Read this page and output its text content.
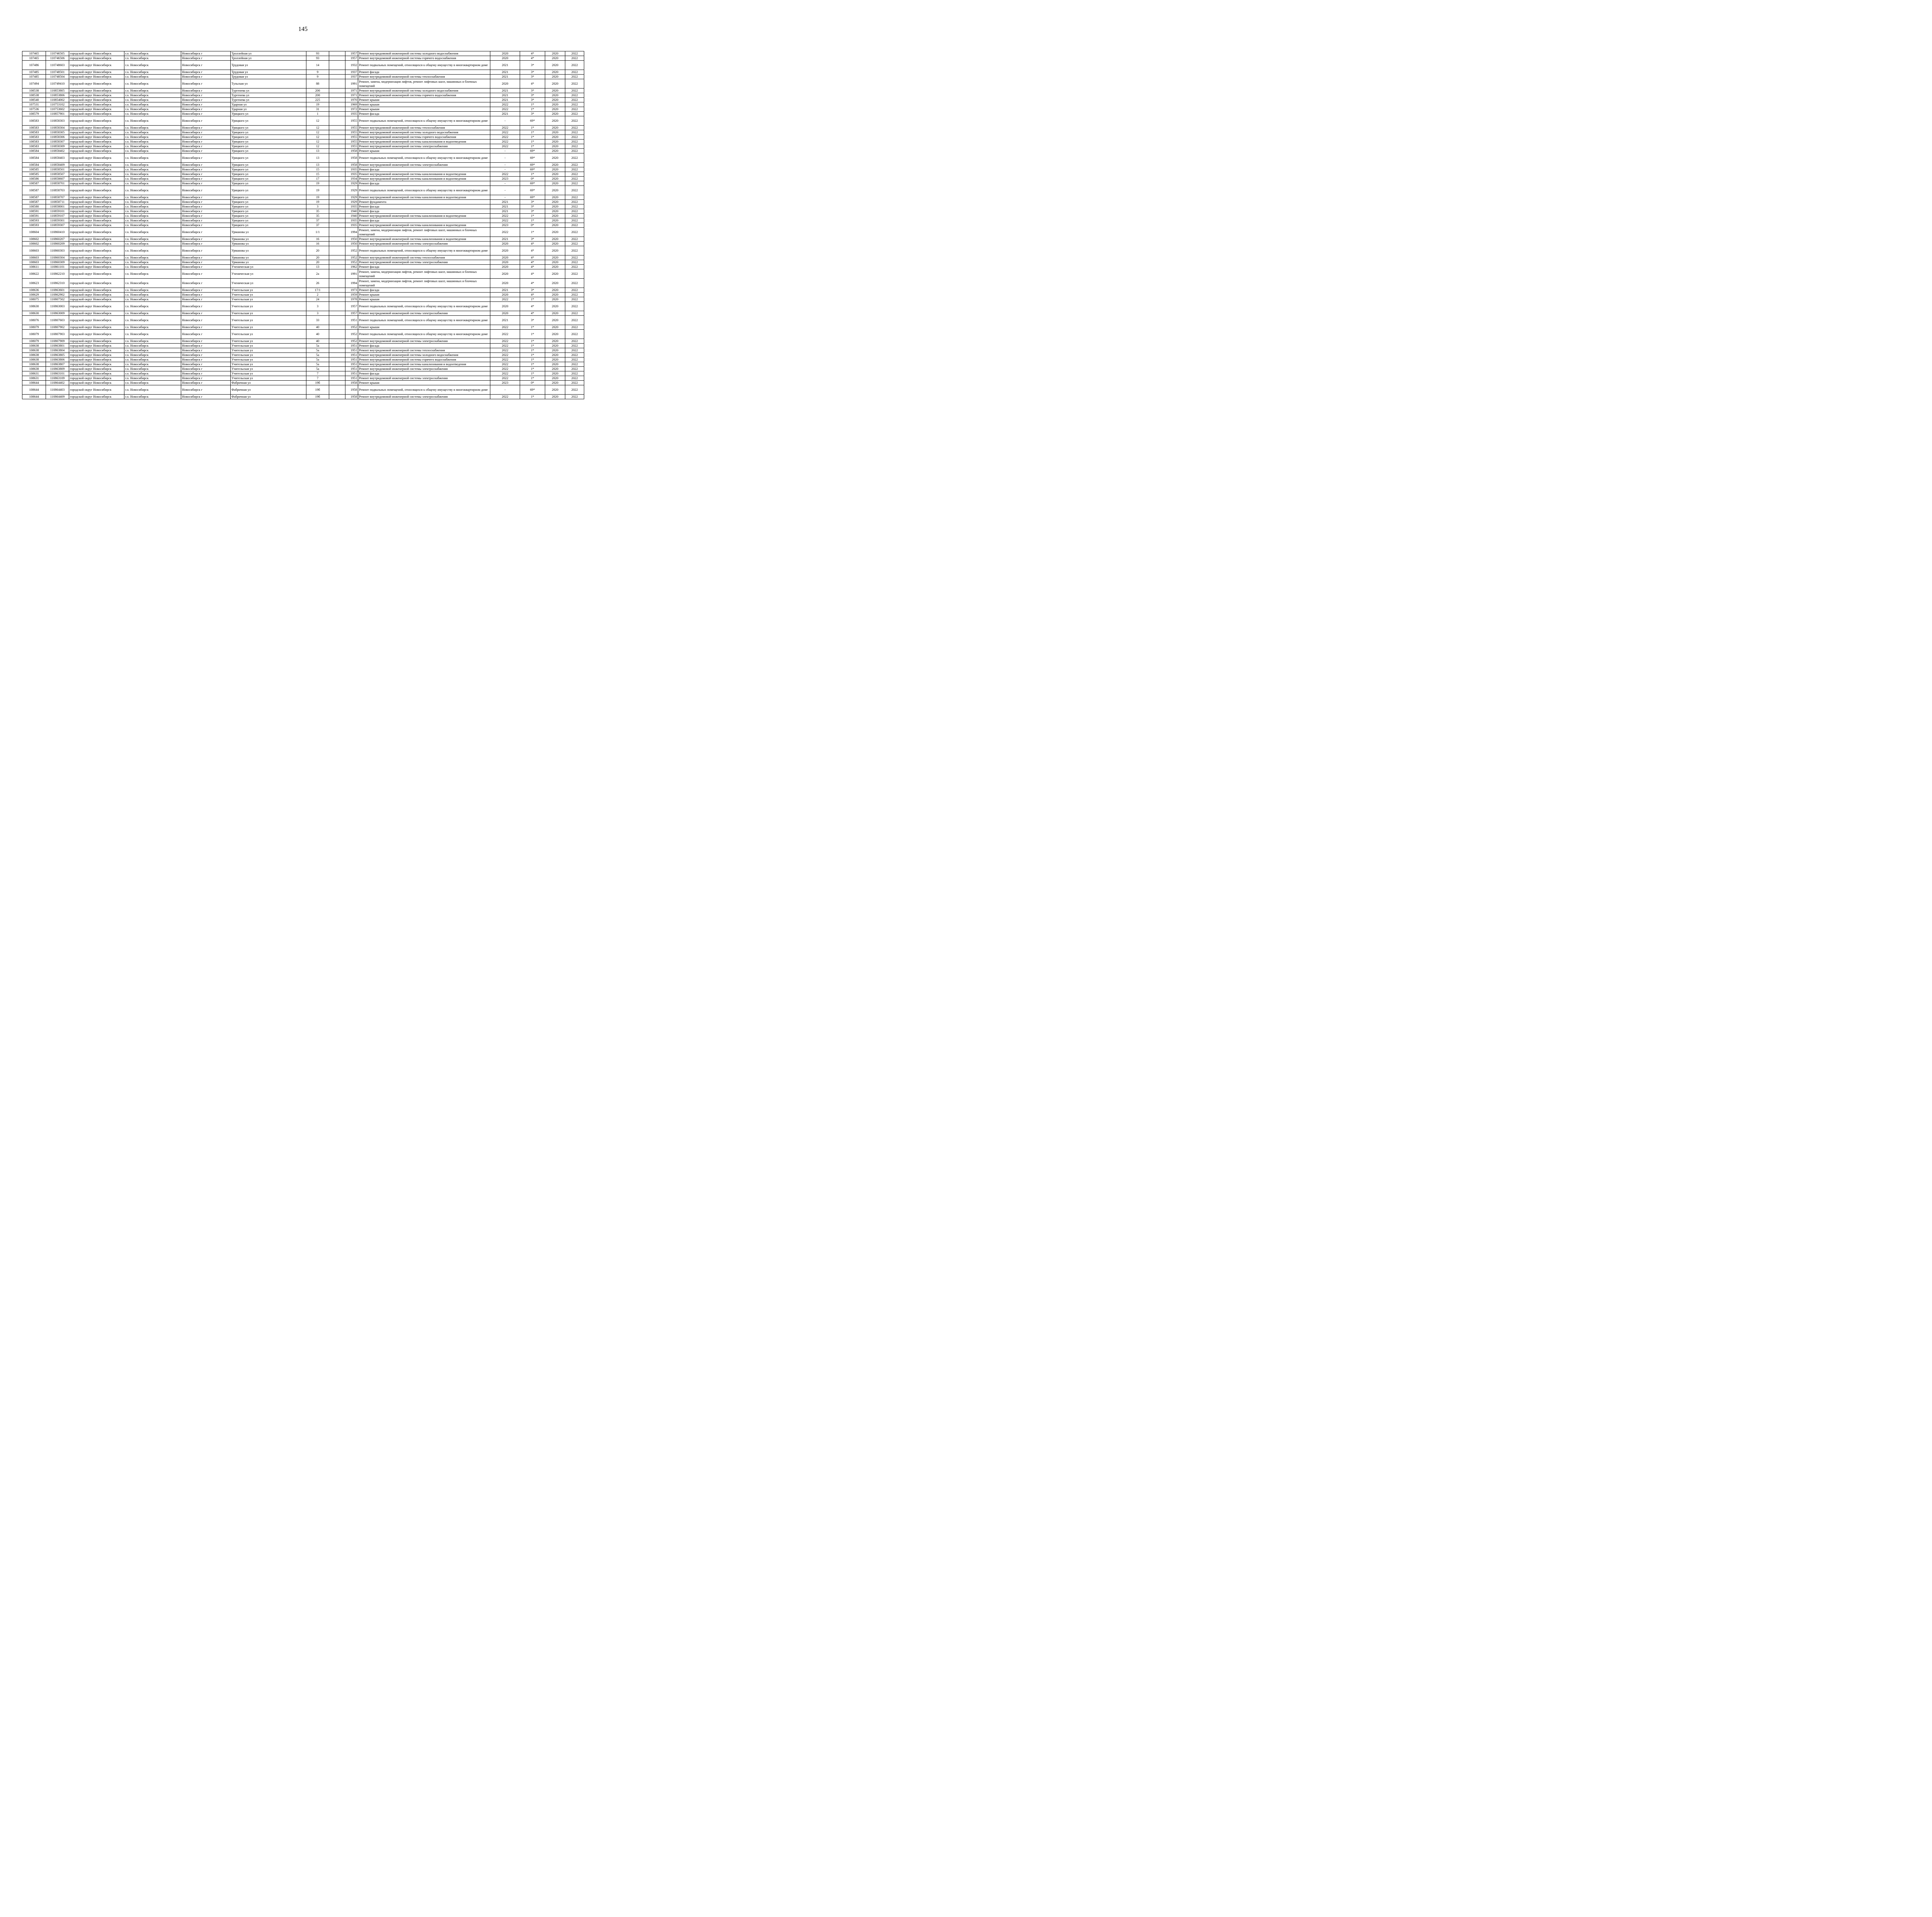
145
107465	110746505	городской округ Новосибирск	г.о. Новосибирск	Новосибирск г	Троллейная ул	93		1957	Ремонт внутридомовой инженерной системы холодного водоснабжения	2020	4*	2020	2022
107465	110746506	городской округ Новосибирск	г.о. Новосибирск	Новосибирск г	Троллейная ул	93		1957	Ремонт внутридомовой инженерной системы горячего водоснабжения	2020	4*	2020	2022
107486	110748603	городской округ Новосибирск	г.о. Новосибирск	Новосибирск г	Трудовая ул	14		1932	Ремонт подвальных помещений, относящихся к общему имуществу в многоквартирном доме	2021	3*	2020	2022
107485	110748501	городской округ Новосибирск	г.о. Новосибирск	Новосибирск г	Трудовая ул	9		1937	Ремонт фасада	2021	3*	2020	2022
107485	110748504	городской округ Новосибирск	г.о. Новосибирск	Новосибирск г	Трудовая ул	9		1937	Ремонт внутридомовой инженерной системы теплоснабжения	2021	3*	2020	2022
107494	110749410	городской округ Новосибирск	г.о. Новосибирск	Новосибирск г	Тульская ул	88		1991	Ремонт, замена, модернизация лифтов, ремонт лифтовых шахт, машинных и блочных помещений	2020	4*	2020	2022
108538	110853805	городской округ Новосибирск	г.о. Новосибирск	Новосибирск г	Тургенева ул	200		1971	Ремонт внутридомовой инженерной системы холодного водоснабжения	2021	3*	2020	2022
108538	110853806	городской округ Новосибирск	г.о. Новосибирск	Новосибирск г	Тургенева ул	200		1971	Ремонт внутридомовой инженерной системы горячего водоснабжения	2021	3*	2020	2022
108540	110854002	городской округ Новосибирск	г.о. Новосибирск	Новосибирск г	Тургенева ул	225		1970	Ремонт крыши	2021	3*	2020	2022
107531	110753102	городской округ Новосибирск	г.о. Новосибирск	Новосибирск г	Ударная ул	19		1969	Ремонт крыши	2022	1*	2020	2022
107536	110753602	городской округ Новосибирск	г.о. Новосибирск	Новосибирск г	Ударная ул	31		1972	Ремонт крыши	2022	1*	2020	2022
108579	110857901	городской округ Новосибирск	г.о. Новосибирск	Новосибирск г	Урицкого ул	1		1935	Ремонт фасада	2021	3*	2020	2022
108583	110858303	городской округ Новосибирск	г.о. Новосибирск	Новосибирск г	Урицкого ул	12		1955	Ремонт подвальных помещений, относящихся к общему имуществу в многоквартирном доме	-	69*	2020	2022
108583	110858304	городской округ Новосибирск	г.о. Новосибирск	Новосибирск г	Урицкого ул	12		1955	Ремонт внутридомовой инженерной системы теплоснабжения	2022	1*	2020	2022
108583	110858305	городской округ Новосибирск	г.о. Новосибирск	Новосибирск г	Урицкого ул	12		1955	Ремонт внутридомовой инженерной системы холодного водоснабжения	2022	1*	2020	2022
108583	110858306	городской округ Новосибирск	г.о. Новосибирск	Новосибирск г	Урицкого ул	12		1955	Ремонт внутридомовой инженерной системы горячего водоснабжения	2022	1*	2020	2022
108583	110858307	городской округ Новосибирск	г.о. Новосибирск	Новосибирск г	Урицкого ул	12		1955	Ремонт внутридомовой инженерной системы канализования и водоотведения	2022	1*	2020	2022
108583	110858309	городской округ Новосибирск	г.о. Новосибирск	Новосибирск г	Урицкого ул	12		1955	Ремонт внутридомовой инженерной системы электроснабжения	2022	1*	2020	2022
108584	110858402	городской округ Новосибирск	г.о. Новосибирск	Новосибирск г	Урицкого ул	13		1958	Ремонт крыши	-	69*	2020	2022
108584	110858403	городской округ Новосибирск	г.о. Новосибирск	Новосибирск г	Урицкого ул	13		1958	Ремонт подвальных помещений, относящихся к общему имуществу в многоквартирном доме	-	69*	2020	2022
108584	110858409	городской округ Новосибирск	г.о. Новосибирск	Новосибирск г	Урицкого ул	13		1958	Ремонт внутридомовой инженерной системы электроснабжения	-	69*	2020	2022
108585	110858501	городской округ Новосибирск	г.о. Новосибирск	Новосибирск г	Урицкого ул	15		1935	Ремонт фасада	-	69*	2020	2022
108585	110858507	городской округ Новосибирск	г.о. Новосибирск	Новосибирск г	Урицкого ул	15		1935	Ремонт внутридомовой инженерной системы канализования и водоотведения	2022	1*	2020	2022
108586	110858607	городской округ Новосибирск	г.о. Новосибирск	Новосибирск г	Урицкого ул	17		1934	Ремонт внутридомовой инженерной системы канализования и водоотведения	2023	0*	2020	2022
108587	110858701	городской округ Новосибирск	г.о. Новосибирск	Новосибирск г	Урицкого ул	19		1929	Ремонт фасада	-	69*	2020	2022
108587	110858703	городской округ Новосибирск	г.о. Новосибирск	Новосибирск г	Урицкого ул	19		1929	Ремонт подвальных помещений, относящихся к общему имуществу в многоквартирном доме	-	69*	2020	2022
108587	110858707	городской округ Новосибирск	г.о. Новосибирск	Новосибирск г	Урицкого ул	19		1929	Ремонт внутридомовой инженерной системы канализования и водоотведения	-	69*	2020	2022
108587	110858711	городской округ Новосибирск	г.о. Новосибирск	Новосибирск г	Урицкого ул	19		1929	Ремонт фундамента	2021	3*	2020	2022
108580	110858001	городской округ Новосибирск	г.о. Новосибирск	Новосибирск г	Урицкого ул	3		1935	Ремонт фасада	2021	3*	2020	2022
108591	110859101	городской округ Новосибирск	г.о. Новосибирск	Новосибирск г	Урицкого ул	35		1940	Ремонт фасада	2021	3*	2020	2022
108591	110859107	городской округ Новосибирск	г.о. Новосибирск	Новосибирск г	Урицкого ул	35		1940	Ремонт внутридомовой инженерной системы канализования и водоотведения	2022	1*	2020	2022
108593	110859301	городской округ Новосибирск	г.о. Новосибирск	Новосибирск г	Урицкого ул	37		1935	Ремонт фасада	2022	1*	2020	2022
108593	110859307	городской округ Новосибирск	г.о. Новосибирск	Новосибирск г	Урицкого ул	37		1935	Ремонт внутридомовой инженерной системы канализования и водоотведения	2023	0*	2020	2022
108604	110860410	городской округ Новосибирск	г.о. Новосибирск	Новосибирск г	Урманова ул	1/1		1994	Ремонт, замена, модернизация лифтов, ремонт лифтовых шахт, машинных и блочных помещений	2022	1*	2020	2022
108602	110860207	городской округ Новосибирск	г.о. Новосибирск	Новосибирск г	Урманова ул	16		1950	Ремонт внутридомовой инженерной системы канализования и водоотведения	2021	3*	2020	2022
108602	110860209	городской округ Новосибирск	г.о. Новосибирск	Новосибирск г	Урманова ул	16		1950	Ремонт внутридомовой инженерной системы электроснабжения	2020	4*	2020	2022
108603	110860303	городской округ Новосибирск	г.о. Новосибирск	Новосибирск г	Урманова ул	20		1952	Ремонт подвальных помещений, относящихся к общему имуществу в многоквартирном доме	2020	4*	2020	2022
108603	110860304	городской округ Новосибирск	г.о. Новосибирск	Новосибирск г	Урманова ул	20		1952	Ремонт внутридомовой инженерной системы теплоснабжения	2020	4*	2020	2022
108603	110860309	городской округ Новосибирск	г.о. Новосибирск	Новосибирск г	Урманова ул	20		1952	Ремонт внутридомовой инженерной системы электроснабжения	2020	4*	2020	2022
108611	110861101	городской округ Новосибирск	г.о. Новосибирск	Новосибирск г	Ученическая ул	13		1962	Ремонт фасада	2020	4*	2020	2022
108622	110862210	городской округ Новосибирск	г.о. Новосибирск	Новосибирск г	Ученическая ул	2а		1991	Ремонт, замена, модернизация лифтов, ремонт лифтовых шахт, машинных и блочных помещений	2020	4*	2020	2022
108623	110862310	городской округ Новосибирск	г.о. Новосибирск	Новосибирск г	Ученическая ул	26		1994	Ремонт, замена, модернизация лифтов, ремонт лифтовых шахт, машинных и блочных помещений	2020	4*	2020	2022
108636	110863601	городской округ Новосибирск	г.о. Новосибирск	Новосибирск г	Учительская ул	17/1		1973	Ремонт фасада	2021	3*	2020	2022
108629	110862902	городской округ Новосибирск	г.о. Новосибирск	Новосибирск г	Учительская ул	2		1959	Ремонт крыши	2020	4*	2020	2022
108075	110807502	городской округ Новосибирск	г.о. Новосибирск	Новосибирск г	Учительская ул	24		1978	Ремонт крыши	2022	1*	2020	2022
108630	110863003	городской округ Новосибирск	г.о. Новосибирск	Новосибирск г	Учительская ул	3		1957	Ремонт подвальных помещений, относящихся к общему имуществу в многоквартирном доме	2020	4*	2020	2022
108630	110863009	городской округ Новосибирск	г.о. Новосибирск	Новосибирск г	Учительская ул	3		1957	Ремонт внутридомовой инженерной системы электроснабжения	2020	4*	2020	2022
108076	110807603	городской округ Новосибирск	г.о. Новосибирск	Новосибирск г	Учительская ул	33		1951	Ремонт подвальных помещений, относящихся к общему имуществу в многоквартирном доме	2021	3*	2020	2022
108079	110807902	городской округ Новосибирск	г.о. Новосибирск	Новосибирск г	Учительская ул	40		1952	Ремонт крыши	2022	1*	2020	2022
108079	110807903	городской округ Новосибирск	г.о. Новосибирск	Новосибирск г	Учительская ул	40		1952	Ремонт подвальных помещений, относящихся к общему имуществу в многоквартирном доме	2022	1*	2020	2022
108079	110807909	городской округ Новосибирск	г.о. Новосибирск	Новосибирск г	Учительская ул	40		1952	Ремонт внутридомовой инженерной системы электроснабжения	2022	1*	2020	2022
108638	110863801	городской округ Новосибирск	г.о. Новосибирск	Новосибирск г	Учительская ул	5а		1951	Ремонт фасада	2022	1*	2020	2022
108638	110863804	городской округ Новосибирск	г.о. Новосибирск	Новосибирск г	Учительская ул	5а		1951	Ремонт внутридомовой инженерной системы теплоснабжения	2022	1*	2020	2022
108638	110863805	городской округ Новосибирск	г.о. Новосибирск	Новосибирск г	Учительская ул	5а		1951	Ремонт внутридомовой инженерной системы холодного водоснабжения	2022	1*	2020	2022
108638	110863806	городской округ Новосибирск	г.о. Новосибирск	Новосибирск г	Учительская ул	5а		1951	Ремонт внутридомовой инженерной системы горячего водоснабжения	2022	1*	2020	2022
108638	110863807	городской округ Новосибирск	г.о. Новосибирск	Новосибирск г	Учительская ул	5а		1951	Ремонт внутридомовой инженерной системы канализования и водоотведения	2022	1*	2020	2022
108638	110863809	городской округ Новосибирск	г.о. Новосибирск	Новосибирск г	Учительская ул	5а		1951	Ремонт внутридомовой инженерной системы электроснабжения	2022	1*	2020	2022
108631	110863101	городской округ Новосибирск	г.о. Новосибирск	Новосибирск г	Учительская ул	7		1951	Ремонт фасада	2022	1*	2020	2022
108631	110863109	городской округ Новосибирск	г.о. Новосибирск	Новосибирск г	Учительская ул	7		1951	Ремонт внутридомовой инженерной системы электроснабжения	2022	1*	2020	2022
108644	110864402	городской округ Новосибирск	г.о. Новосибирск	Новосибирск г	Фабричная ул	19б		1958	Ремонт крыши	2023	0*	2020	2022
108644	110864403	городской округ Новосибирск	г.о. Новосибирск	Новосибирск г	Фабричная ул	19б		1958	Ремонт подвальных помещений, относящихся к общему имуществу в многоквартирном доме	-	69*	2020	2022
108644	110864409	городской округ Новосибирск	г.о. Новосибирск	Новосибирск г	Фабричная ул	19б		1958	Ремонт внутридомовой инженерной системы электроснабжения	2022	1*	2020	2022
